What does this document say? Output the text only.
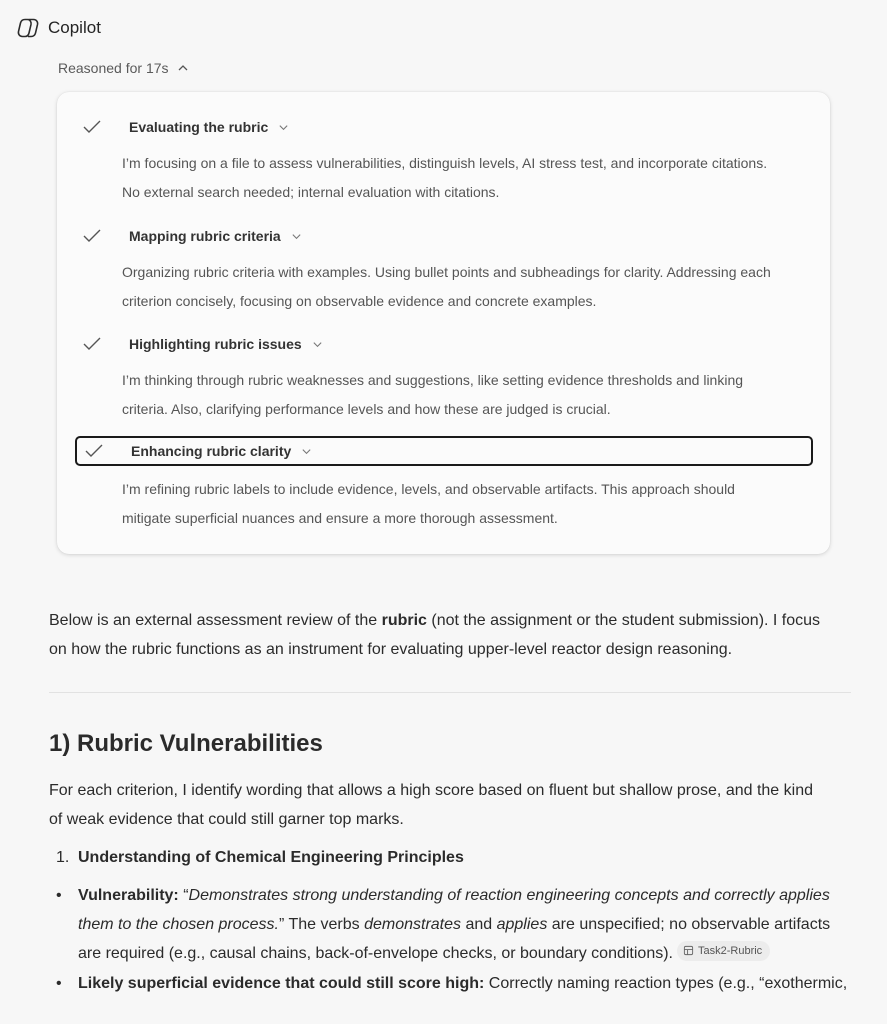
Copilot
Reasoned for 17s
Evaluating the rubric
I’m focusing on a file to assess vulnerabilities, distinguish levels, AI stress test, and incorporate citations.
No external search needed; internal evaluation with citations.
Mapping rubric criteria
Organizing rubric criteria with examples. Using bullet points and subheadings for clarity. Addressing each
criterion concisely, focusing on observable evidence and concrete examples.
Highlighting rubric issues
I’m thinking through rubric weaknesses and suggestions, like setting evidence thresholds and linking
criteria. Also, clarifying performance levels and how these are judged is crucial.
Enhancing rubric clarity
I’m refining rubric labels to include evidence, levels, and observable artifacts. This approach should
mitigate superficial nuances and ensure a more thorough assessment.
Below is an external assessment review of the rubric (not the assignment or the student submission). I focus
on how the rubric functions as an instrument for evaluating upper-level reactor design reasoning.
1) Rubric Vulnerabilities
For each criterion, I identify wording that allows a high score based on fluent but shallow prose, and the kind
of weak evidence that could still garner top marks.
1. Understanding of Chemical Engineering Principles
•	Vulnerability: “Demonstrates strong understanding of reaction engineering concepts and correctly applies
them to the chosen process.” The verbs demonstrates and applies are unspecified; no observable artifacts
are required (e.g., causal chains, back-of-envelope checks, or boundary conditions). Task2-Rubric
•	Likely superficial evidence that could still score high: Correctly naming reaction types (e.g., “exothermic,
